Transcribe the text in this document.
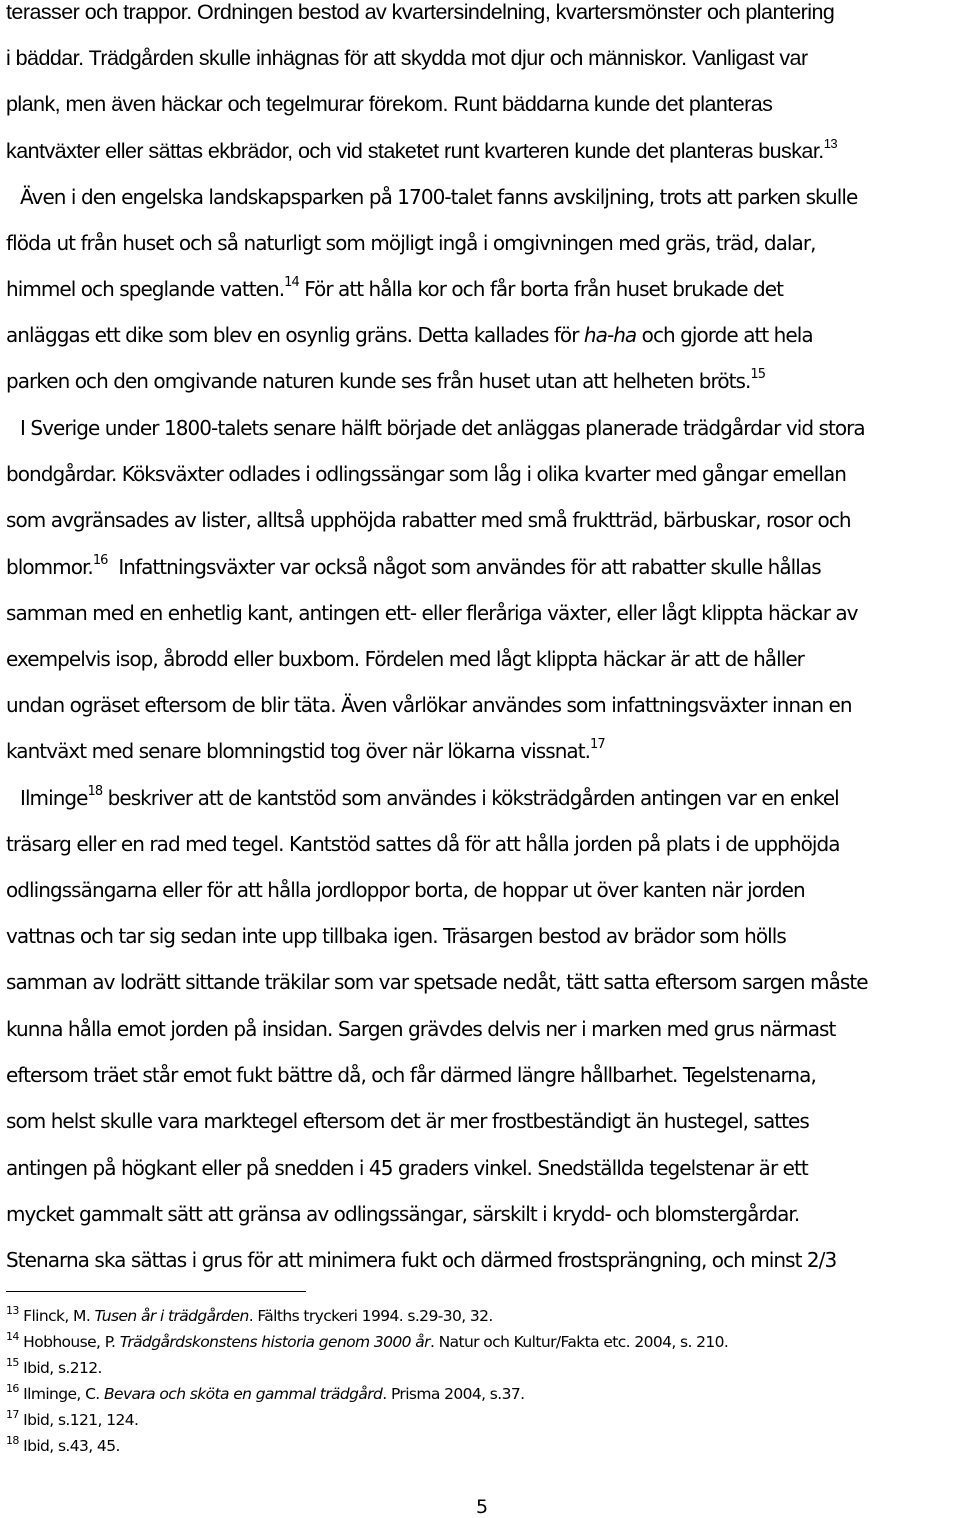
terasser och trappor. Ordningen bestod av kvartersindelning, kvartersmönster och plantering
i bäddar. Trädgården skulle inhägnas för att skydda mot djur och människor. Vanligast var
plank, men även häckar och tegelmurar förekom. Runt bäddarna kunde det planteras
kantväxter eller sättas ekbrädor, och vid staketet runt kvarteren kunde det planteras buskar.$^{13}$
Även i den engelska landskapsparken på 1700-talet fanns avskiljning, trots att parken skulle
flöda ut från huset och så naturligt som möjligt ingå i omgivningen med gräs, träd, dalar,
himmel och speglande vatten.$^{14}$ För att hålla kor och får borta från huset brukade det
anläggas ett dike som blev en osynlig gräns. Detta kallades för ha-ha och gjorde att hela
parken och den omgivande naturen kunde ses från huset utan att helheten bröts.$^{15}$
I Sverige under 1800-talets senare hälft började det anläggas planerade trädgårdar vid stora
bondgårdar. Köksväxter odlades i odlingssängar som låg i olika kvarter med gångar emellan
som avgränsades av lister, alltså upphöjda rabatter med små fruktträd, bärbuskar, rosor och
blommor.$^{16}$  Infattningsväxter var också något som användes för att rabatter skulle hållas
samman med en enhetlig kant, antingen ett- eller fleråriga växter, eller lågt klippta häckar av
exempelvis isop, åbrodd eller buxbom. Fördelen med lågt klippta häckar är att de håller
undan ogräset eftersom de blir täta. Även vårlökar användes som infattningsväxter innan en
kantväxt med senare blomningstid tog över när lökarna vissnat.$^{17}$
Ilminge$^{18}$ beskriver att de kantstöd som användes i köksträdgården antingen var en enkel
träsarg eller en rad med tegel. Kantstöd sattes då för att hålla jorden på plats i de upphöjda
odlingssängarna eller för att hålla jordloppor borta, de hoppar ut över kanten när jorden
vattnas och tar sig sedan inte upp tillbaka igen. Träsargen bestod av brädor som hölls
samman av lodrätt sittande träkilar som var spetsade nedåt, tätt satta eftersom sargen måste
kunna hålla emot jorden på insidan. Sargen grävdes delvis ner i marken med grus närmast
eftersom träet står emot fukt bättre då, och får därmed längre hållbarhet. Tegelstenarna,
som helst skulle vara marktegel eftersom det är mer frostbeständigt än hustegel, sattes
antingen på högkant eller på snedden i 45 graders vinkel. Snedställda tegelstenar är ett
mycket gammalt sätt att gränsa av odlingssängar, särskilt i krydd- och blomstergårdar.
Stenarna ska sättas i grus för att minimera fukt och därmed frostsprängning, och minst 2/3
$^{13}$ Flinck, M. Tusen år i trädgården. Fälths tryckeri 1994. s.29-30, 32.
$^{14}$ Hobhouse, P. Trädgårdskonstens historia genom 3000 år. Natur och Kultur/Fakta etc. 2004, s. 210.
$^{15}$ Ibid, s.212.
$^{16}$ Ilminge, C. Bevara och sköta en gammal trädgård. Prisma 2004, s.37.
$^{17}$ Ibid, s.121, 124.
$^{18}$ Ibid, s.43, 45.
5
